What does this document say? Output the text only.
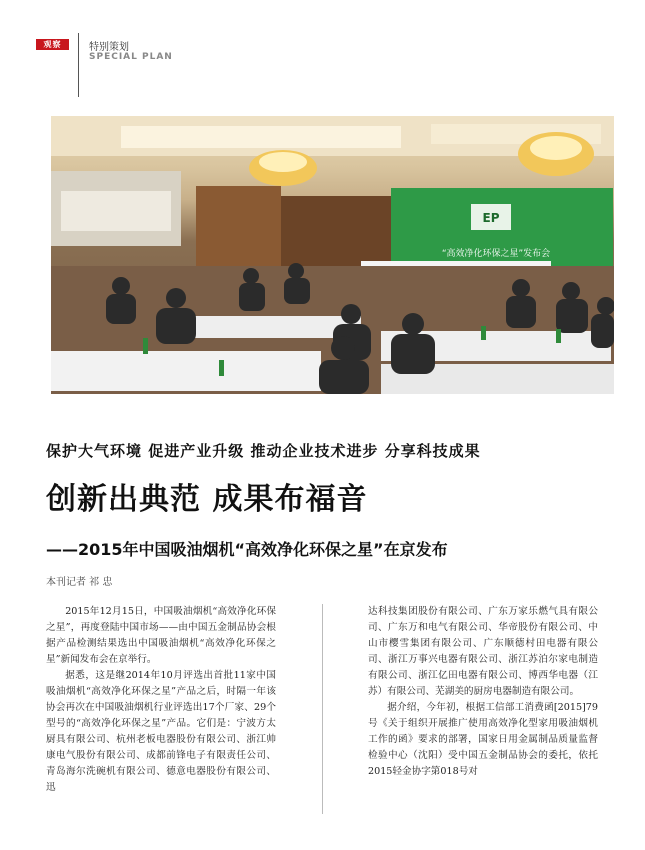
观察	特别策划
SPECIAL PLAN
EP
“高效净化环保之星”发布会
保护大气环境 促进产业升级 推动企业技术进步 分享科技成果
创新出典范 成果布福音
——2015年中国吸油烟机“高效净化环保之星”在京发布
本刊记者 祁 忠

2015年12月15日，中国吸油烟机“高效净化环保之星”，再度登陆中国市场——由中国五金制品协会根据产品检测结果选出中国吸油烟机“高效净化环保之星”新闻发布会在京举行。

据悉，这是继2014年10月评选出首批11家中国吸油烟机“高效净化环保之星”产品之后，时隔一年该协会再次在中国吸油烟机行业评选出17个厂家、29个型号的“高效净化环保之星”产品。它们是：宁波方太厨具有限公司、杭州老板电器股份有限公司、浙江帅康电气股份有限公司、成都前锋电子有限责任公司、青岛海尔洗碗机有限公司、德意电器股份有限公司、迅

达科技集团股份有限公司、广东万家乐燃气具有限公司、广东万和电气有限公司、华帝股份有限公司、中山市樱雪集团有限公司、广东顺德村田电器有限公司、浙江万事兴电器有限公司、浙江苏泊尔家电制造有限公司、浙江亿田电器有限公司、博西华电器（江苏）有限公司、芜湖美的厨房电器制造有限公司。

据介绍，今年初，根据工信部工消费函[2015]79号《关于组织开展推广使用高效净化型家用吸油烟机工作的函》要求的部署，国家日用金属制品质量监督检验中心（沈阳）受中国五金制品协会的委托，依托2015轻金协字第018号对
